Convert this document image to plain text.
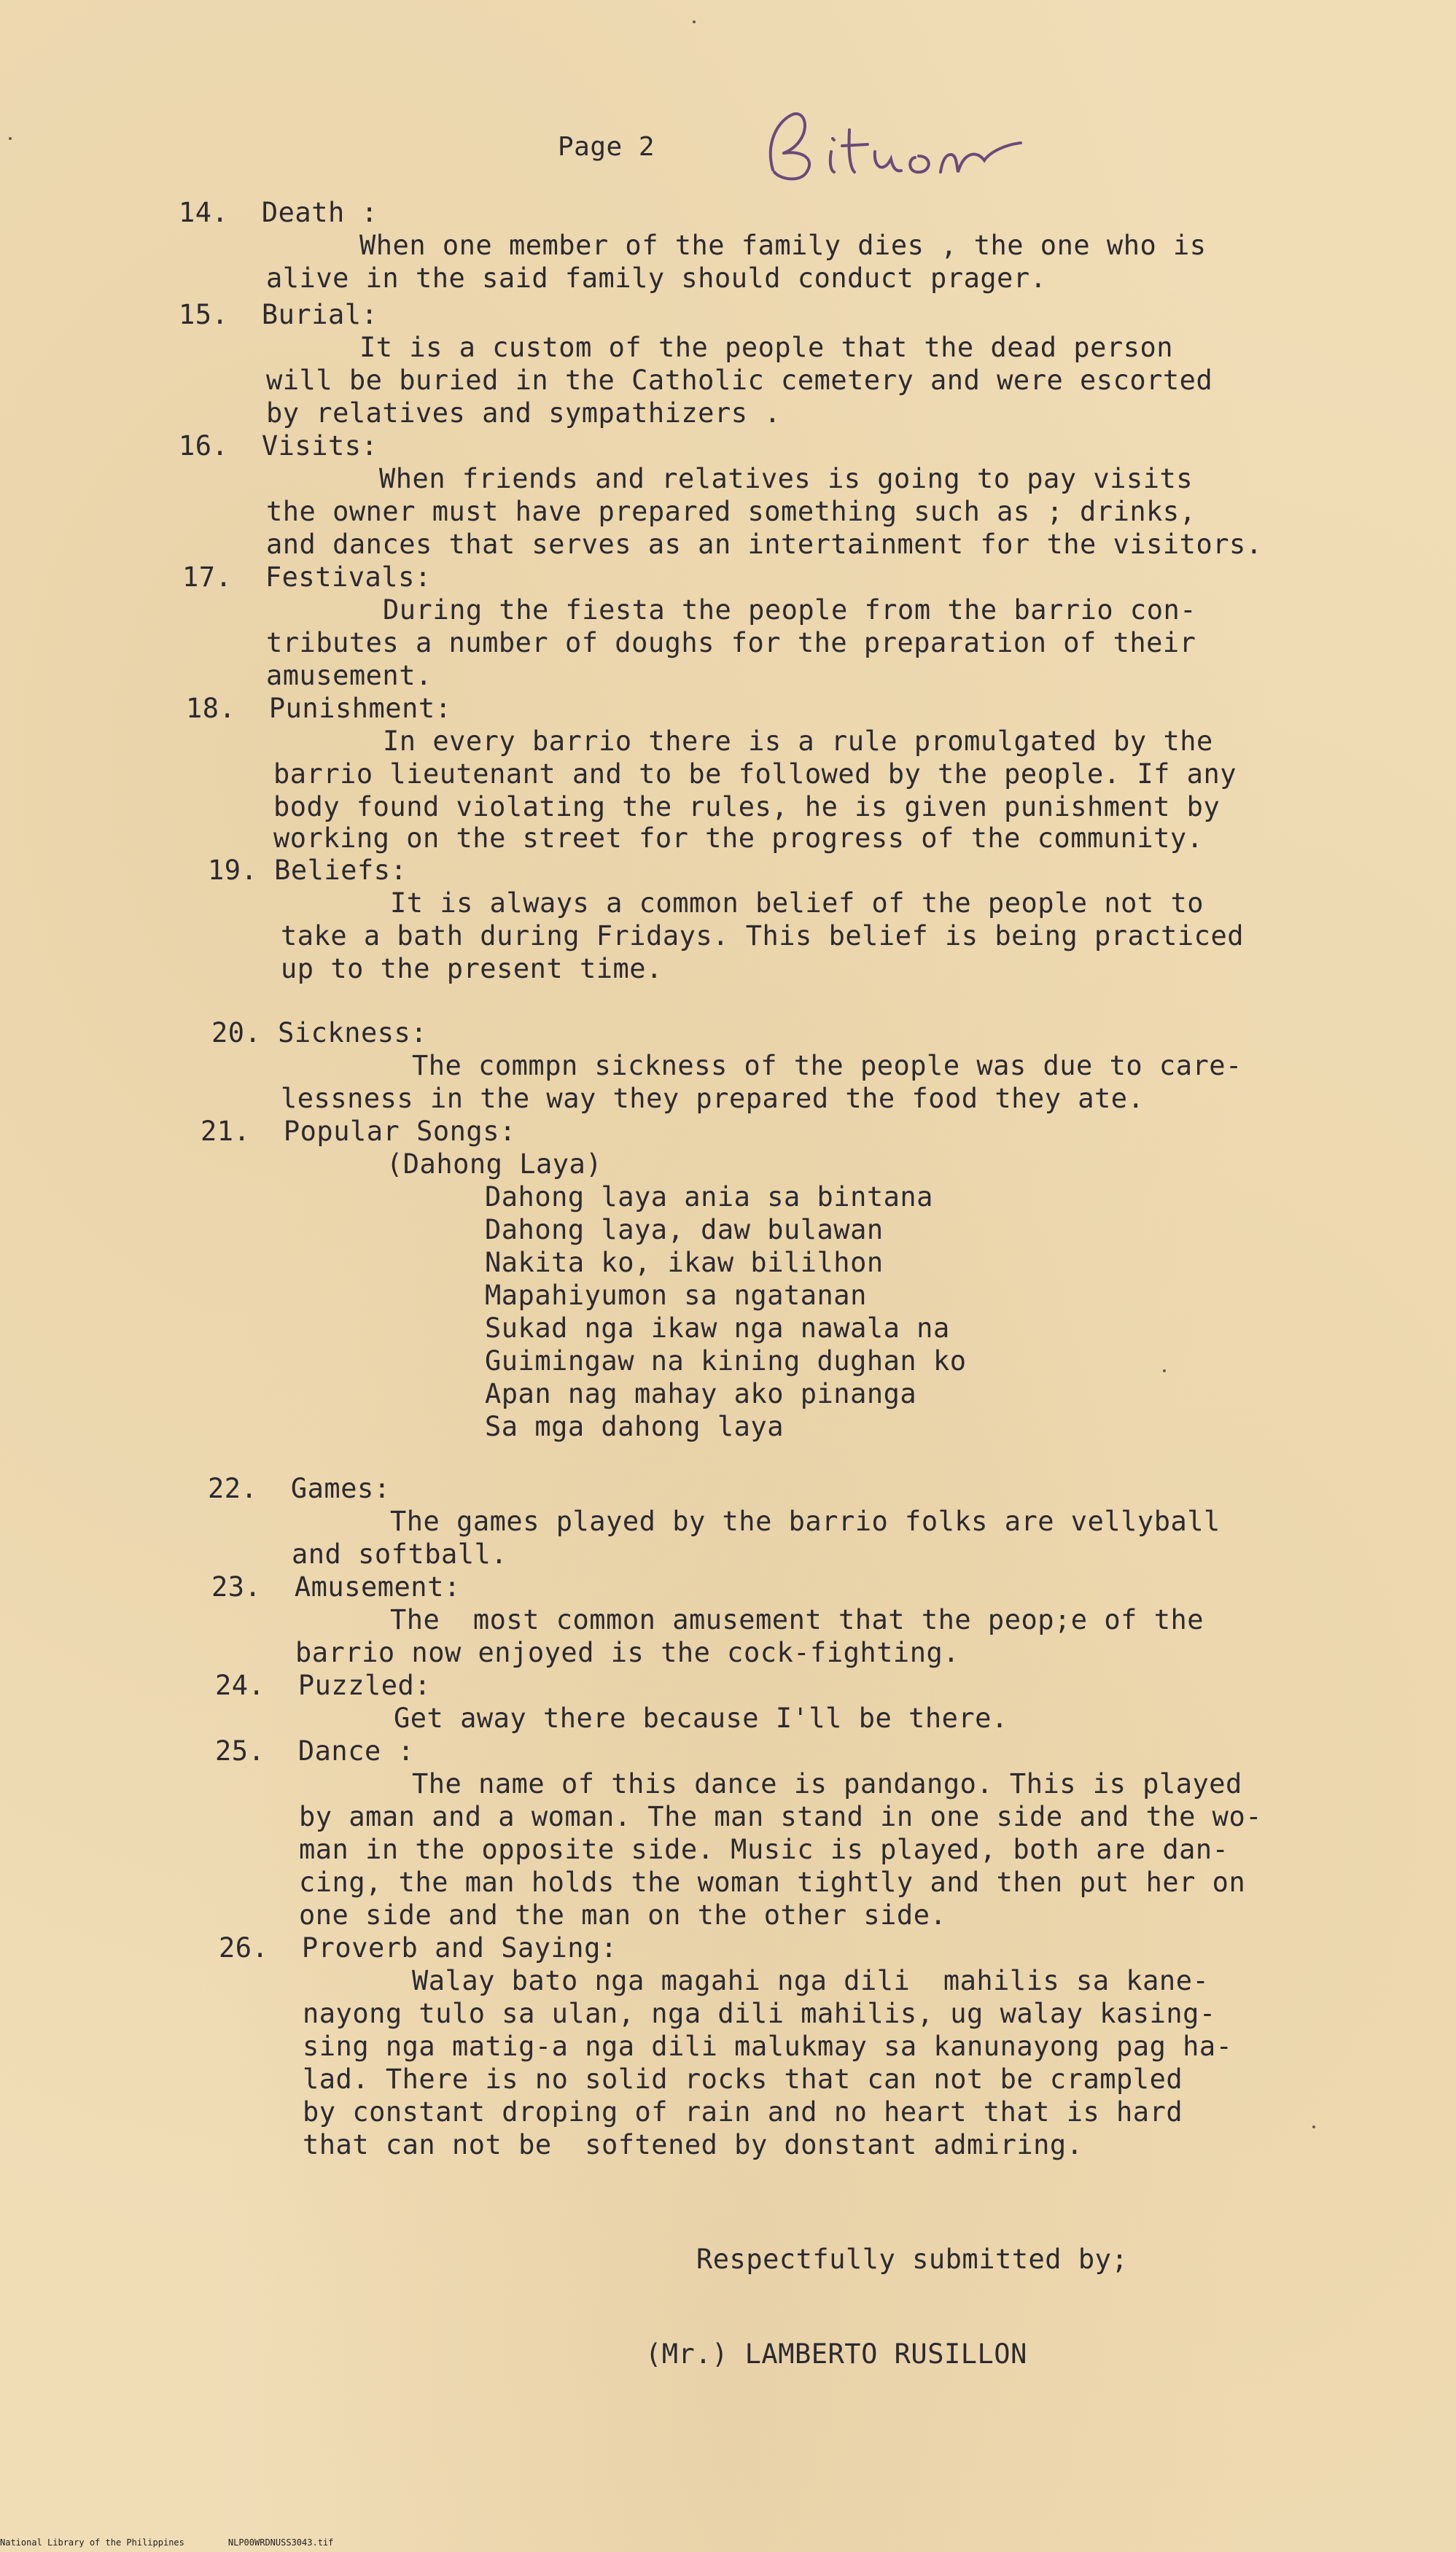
Page 2
14.  Death :
When one member of the family dies , the one who is
alive in the said family should conduct prager.
15.  Burial:
It is a custom of the people that the dead person
will be buried in the Catholic cemetery and were escorted
by relatives and sympathizers .
16.  Visits:
When friends and relatives is going to pay visits
the owner must have prepared something such as ; drinks,
and dances that serves as an intertainment for the visitors.
17.  Festivals:
During the fiesta the people from the barrio con-
tributes a number of doughs for the preparation of their
amusement.
18.  Punishment:
In every barrio there is a rule promulgated by the
barrio lieutenant and to be followed by the people. If any
body found violating the rules, he is given punishment by
working on the street for the progress of the community.
19. Beliefs:
It is always a common belief of the people not to
take a bath during Fridays. This belief is being practiced
up to the present time.
20. Sickness:
The commpn sickness of the people was due to care-
lessness in the way they prepared the food they ate.
21.  Popular Songs:
(Dahong Laya)
Dahong laya ania sa bintana
Dahong laya, daw bulawan
Nakita ko, ikaw bililhon
Mapahiyumon sa ngatanan
Sukad nga ikaw nga nawala na
Guimingaw na kining dughan ko
Apan nag mahay ako pinanga
Sa mga dahong laya
22.  Games:
The games played by the barrio folks are vellyball
and softball.
23.  Amusement:
The  most common amusement that the peop;e of the
barrio now enjoyed is the cock-fighting.
24.  Puzzled:
Get away there because I'll be there.
25.  Dance :
The name of this dance is pandango. This is played
by aman and a woman. The man stand in one side and the wo-
man in the opposite side. Music is played, both are dan-
cing, the man holds the woman tightly and then put her on
one side and the man on the other side.
26.  Proverb and Saying:
Walay bato nga magahi nga dili  mahilis sa kane-
nayong tulo sa ulan, nga dili mahilis, ug walay kasing-
sing nga matig-a nga dili malukmay sa kanunayong pag ha-
lad. There is no solid rocks that can not be crampled
by constant droping of rain and no heart that is hard
that can not be  softened by donstant admiring.
Respectfully submitted by;
(Mr.) LAMBERTO RUSILLON
National Library of the Philippines	NLP00WRDNUSS3043.tif
